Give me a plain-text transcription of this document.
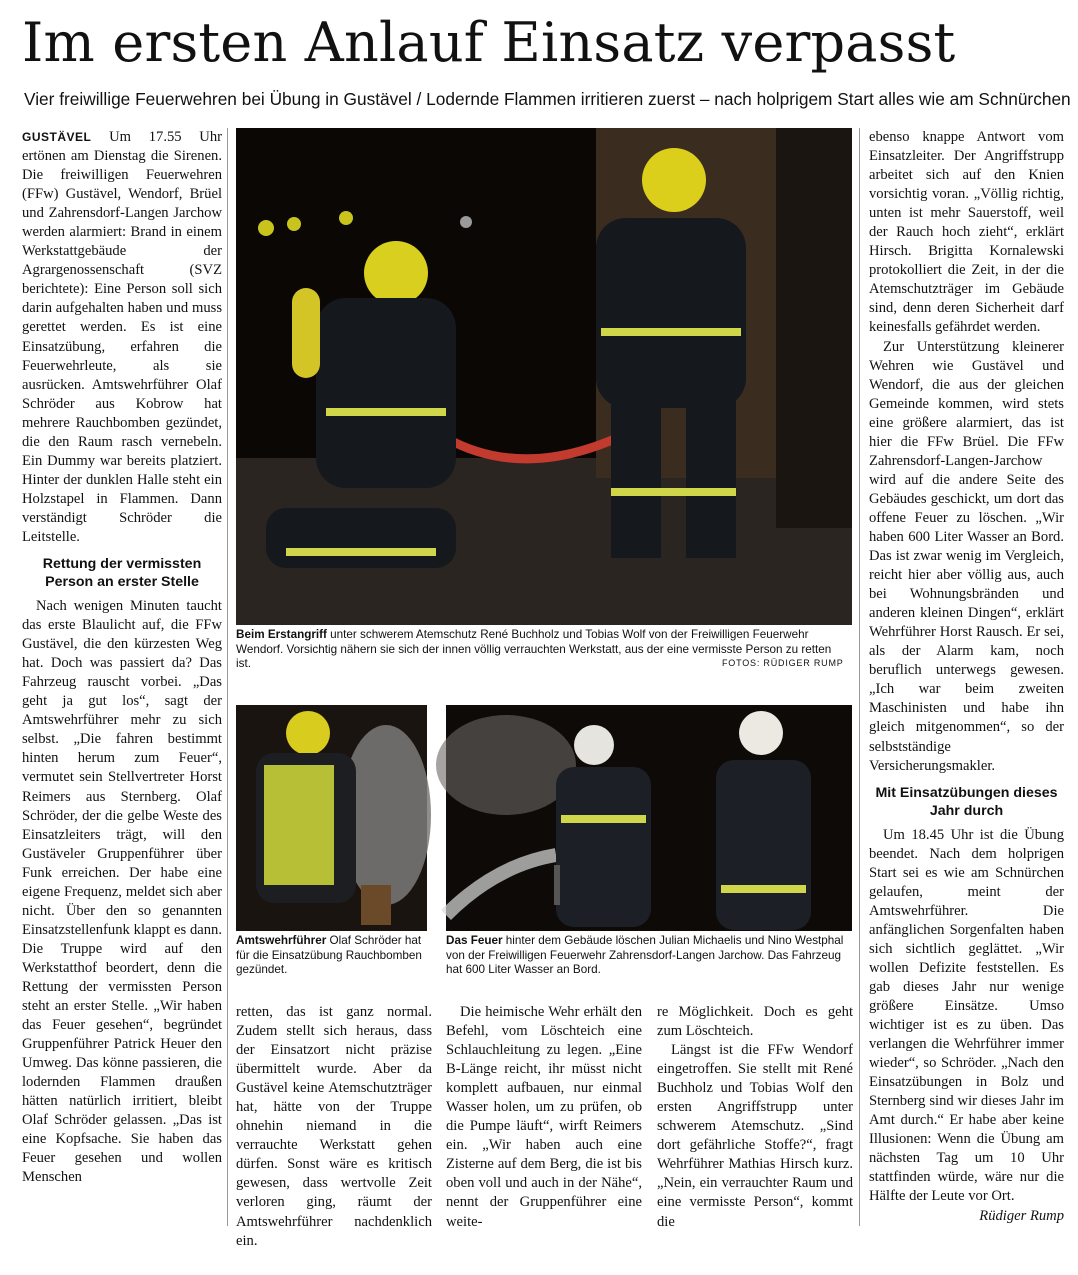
Im ersten Anlauf Einsatz verpasst
Vier freiwillige Feuerwehren bei Übung in Gustävel / Lodernde Flammen irritieren zuerst – nach holprigem Start alles wie am Schnürchen

GUSTÄVEL Um 17.55 Uhr ertönen am Dienstag die Sirenen. Die freiwilligen Feuerwehren (FFw) Gustävel, Wendorf, Brüel und Zahrensdorf-Langen Jarchow werden alarmiert: Brand in einem Werkstattgebäude der Agrargenossenschaft (SVZ berichtete): Eine Person soll sich darin aufgehalten haben und muss gerettet werden. Es ist eine Einsatzübung, erfahren die Feuerwehrleute, als sie ausrücken. Amtswehrführer Olaf Schröder aus Kobrow hat mehrere Rauchbomben gezündet, die den Raum rasch vernebeln. Ein Dummy war bereits platziert. Hinter der dunklen Halle steht ein Holzstapel in Flammen. Dann verständigt Schröder die Leitstelle.

Rettung der vermissten Person an erster Stelle

Nach wenigen Minuten taucht das erste Blaulicht auf, die FFw Gustävel, die den kürzesten Weg hat. Doch was passiert da? Das Fahrzeug rauscht vorbei. „Das geht ja gut los“, sagt der Amtswehrführer mehr zu sich selbst. „Die fahren bestimmt hinten herum zum Feuer“, vermutet sein Stellvertreter Horst Reimers aus Sternberg. Olaf Schröder, der die gelbe Weste des Einsatzleiters trägt, will den Gustäveler Gruppenführer über Funk erreichen. Der habe eine eigene Frequenz, meldet sich aber nicht. Über den so genannten Einsatzstellenfunk klappt es dann. Die Truppe wird auf den Werkstatthof beordert, denn die Rettung der vermissten Person steht an erster Stelle. „Wir haben das Feuer gesehen“, begründet Gruppenführer Patrick Heuer den Umweg. Das könne passieren, die lodernden Flammen draußen hätten natürlich irritiert, bleibt Olaf Schröder gelassen. „Das ist eine Kopfsache. Sie haben das Feuer gesehen und wollen Menschen

Beim Erstangriff unter schwerem Atemschutz René Buchholz und Tobias Wolf von der Freiwilligen Feuerwehr Wendorf. Vorsichtig nähern sie sich der innen völlig verrauchten Werkstatt, aus der eine vermisste Person zu retten ist.	FOTOS: RÜDIGER RUMP
Amtswehrführer Olaf Schröder hat für die Einsatzübung Rauchbomben gezündet.
Das Feuer hinter dem Gebäude löschen Julian Michaelis und Nino Westphal von der Freiwilligen Feuerwehr Zahrensdorf-Langen Jarchow. Das Fahrzeug hat 600 Liter Wasser an Bord.

retten, das ist ganz normal. Zudem stellt sich heraus, dass der Einsatzort nicht präzise übermittelt wurde. Aber da Gustävel keine Atemschutzträger hat, hätte von der Truppe ohnehin niemand in die verrauchte Werkstatt gehen dürfen. Sonst wäre es kritisch gewesen, dass wertvolle Zeit verloren ging, räumt der Amtswehrführer nachdenklich ein.

Die heimische Wehr erhält den Befehl, vom Löschteich eine Schlauchleitung zu legen. „Eine B-Länge reicht, ihr müsst nicht komplett aufbauen, nur einmal Wasser holen, um zu prüfen, ob die Pumpe läuft“, wirft Reimers ein. „Wir haben auch eine Zisterne auf dem Berg, die ist bis oben voll und auch in der Nähe“, nennt der Gruppenführer eine weite-

re Möglichkeit. Doch es geht zum Löschteich.

Längst ist die FFw Wendorf eingetroffen. Sie stellt mit René Buchholz und Tobias Wolf den ersten Angriffstrupp unter schwerem Atemschutz. „Sind dort gefährliche Stoffe?“, fragt Wehrführer Mathias Hirsch kurz. „Nein, ein verrauchter Raum und eine vermisste Person“, kommt die

ebenso knappe Antwort vom Einsatzleiter. Der Angriffstrupp arbeitet sich auf den Knien vorsichtig voran. „Völlig richtig, unten ist mehr Sauerstoff, weil der Rauch hoch zieht“, erklärt Hirsch. Brigitta Kornalewski protokolliert die Zeit, in der die Atemschutzträger im Gebäude sind, denn deren Sicherheit darf keinesfalls gefährdet werden.

Zur Unterstützung kleinerer Wehren wie Gustävel und Wendorf, die aus der gleichen Gemeinde kommen, wird stets eine größere alarmiert, das ist hier die FFw Brüel. Die FFw Zahrensdorf-Langen-Jarchow wird auf die andere Seite des Gebäudes geschickt, um dort das offene Feuer zu löschen. „Wir haben 600 Liter Wasser an Bord. Das ist zwar wenig im Vergleich, reicht hier aber völlig aus, auch bei Wohnungsbränden und anderen kleinen Dingen“, erklärt Wehrführer Horst Rausch. Er sei, als der Alarm kam, noch beruflich unterwegs gewesen. „Ich war beim zweiten Maschinisten und habe ihn gleich mitgenommen“, so der selbstständige Versicherungsmakler.

Mit Einsatzübungen dieses Jahr durch

Um 18.45 Uhr ist die Übung beendet. Nach dem holprigen Start sei es wie am Schnürchen gelaufen, meint der Amtswehrführer. Die anfänglichen Sorgenfalten haben sich sichtlich geglättet. „Wir wollen Defizite feststellen. Es gab dieses Jahr nur wenige größere Einsätze. Umso wichtiger ist es zu üben. Das verlangen die Wehrführer immer wieder“, so Schröder. „Nach den Einsatzübungen in Bolz und Sternberg sind wir dieses Jahr im Amt durch.“ Er habe aber keine Illusionen: Wenn die Übung am nächsten Tag um 10 Uhr stattfinden würde, wäre nur die Hälfte der Leute vor Ort.
Rüdiger Rump
